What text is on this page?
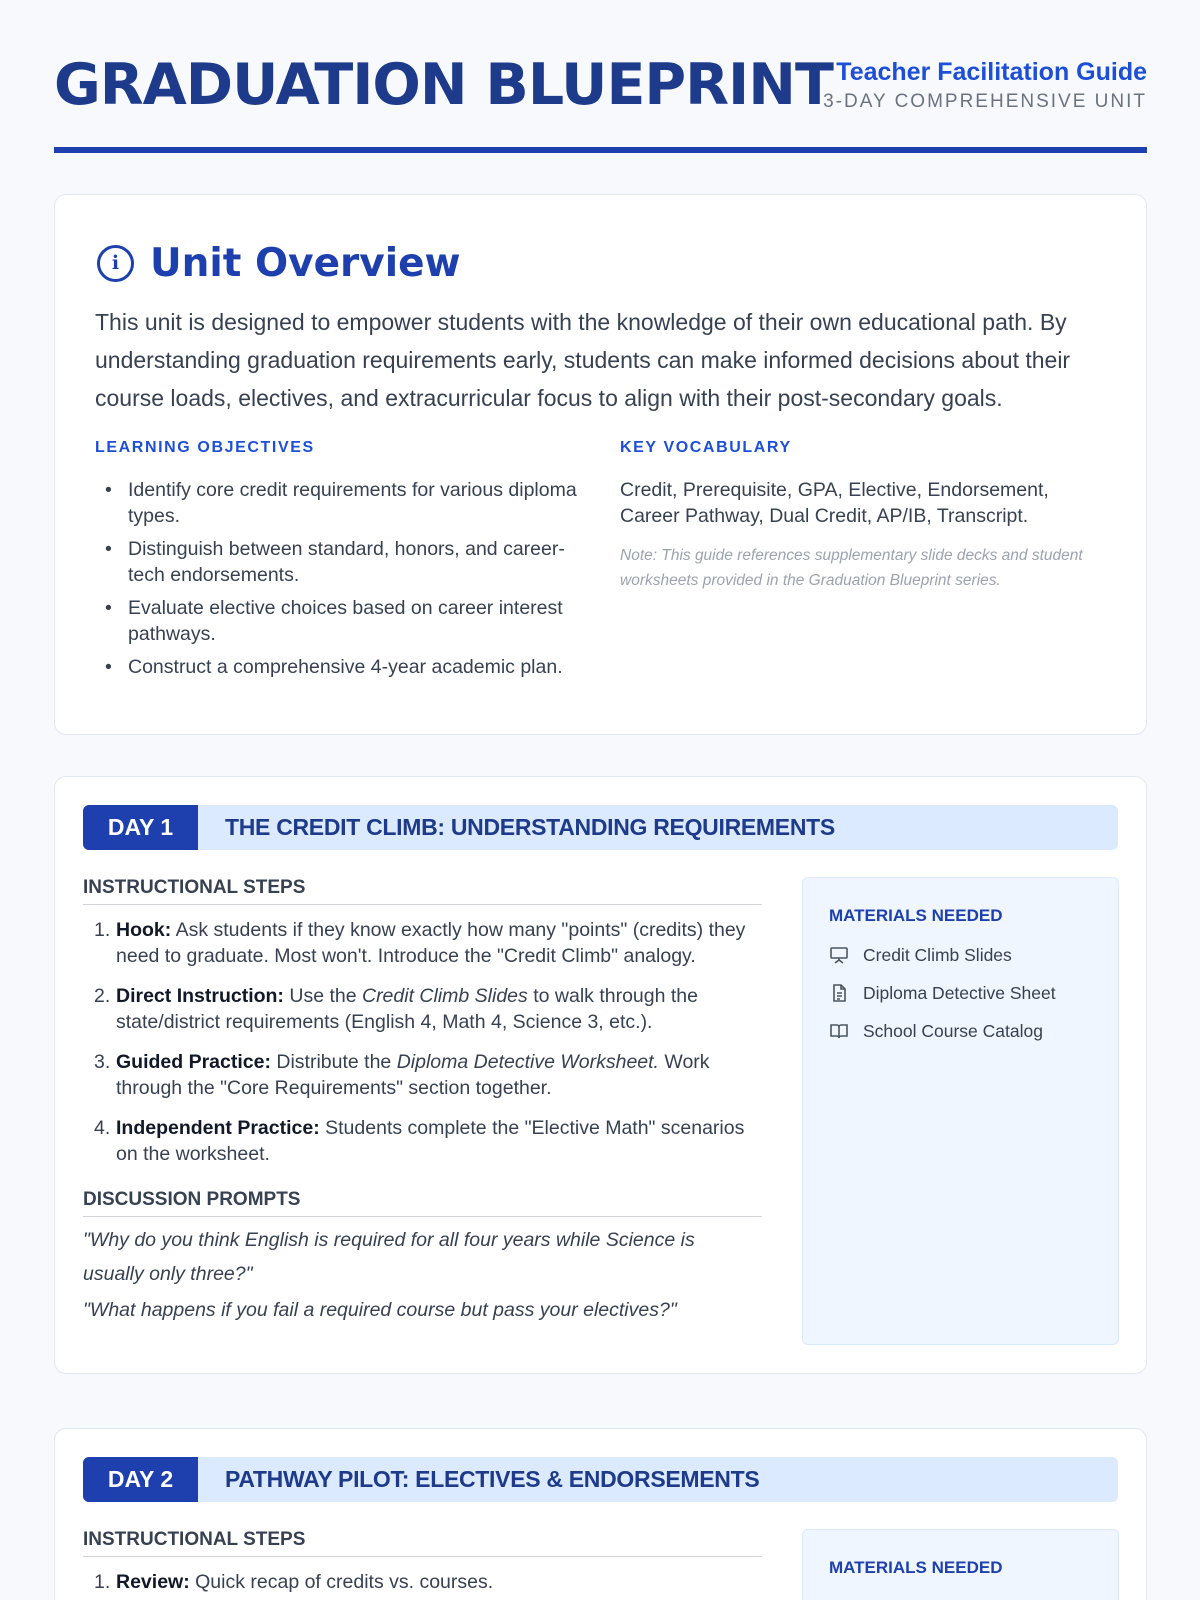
GRADUATION BLUEPRINT Teacher Facilitation Guide
3-DAY COMPREHENSIVE UNIT
i Unit Overview

This unit is designed to empower students with the knowledge of their own educational path. By understanding graduation requirements early, students can make informed decisions about their course loads, electives, and extracurricular focus to align with their post-secondary goals.

LEARNING OBJECTIVES
• Identify core credit requirements for various diploma types.
• Distinguish between standard, honors, and career-tech endorsements.
• Evaluate elective choices based on career interest pathways.
• Construct a comprehensive 4-year academic plan.
KEY VOCABULARY

Credit, Prerequisite, GPA, Elective, Endorsement, Career Pathway, Dual Credit, AP/IB, Transcript.

Note: This guide references supplementary slide decks and student worksheets provided in the Graduation Blueprint series.

DAY 1	THE CREDIT CLIMB: UNDERSTANDING REQUIREMENTS
INSTRUCTIONAL STEPS
1. Hook: Ask students if they know exactly how many "points" (credits) they need to graduate. Most won't. Introduce the "Credit Climb" analogy.
2. Direct Instruction: Use the Credit Climb Slides to walk through the state/district requirements (English 4, Math 4, Science 3, etc.).
3. Guided Practice: Distribute the Diploma Detective Worksheet. Work through the "Core Requirements" section together.
4. Independent Practice: Students complete the "Elective Math" scenarios on the worksheet.
DISCUSSION PROMPTS

"Why do you think English is required for all four years while Science is usually only three?"

"What happens if you fail a required course but pass your electives?"

MATERIALS NEEDED
Credit Climb Slides
Diploma Detective Sheet
School Course Catalog
DAY 2	PATHWAY PILOT: ELECTIVES & ENDORSEMENTS
INSTRUCTIONAL STEPS
1. Review: Quick recap of credits vs. courses.
MATERIALS NEEDED
